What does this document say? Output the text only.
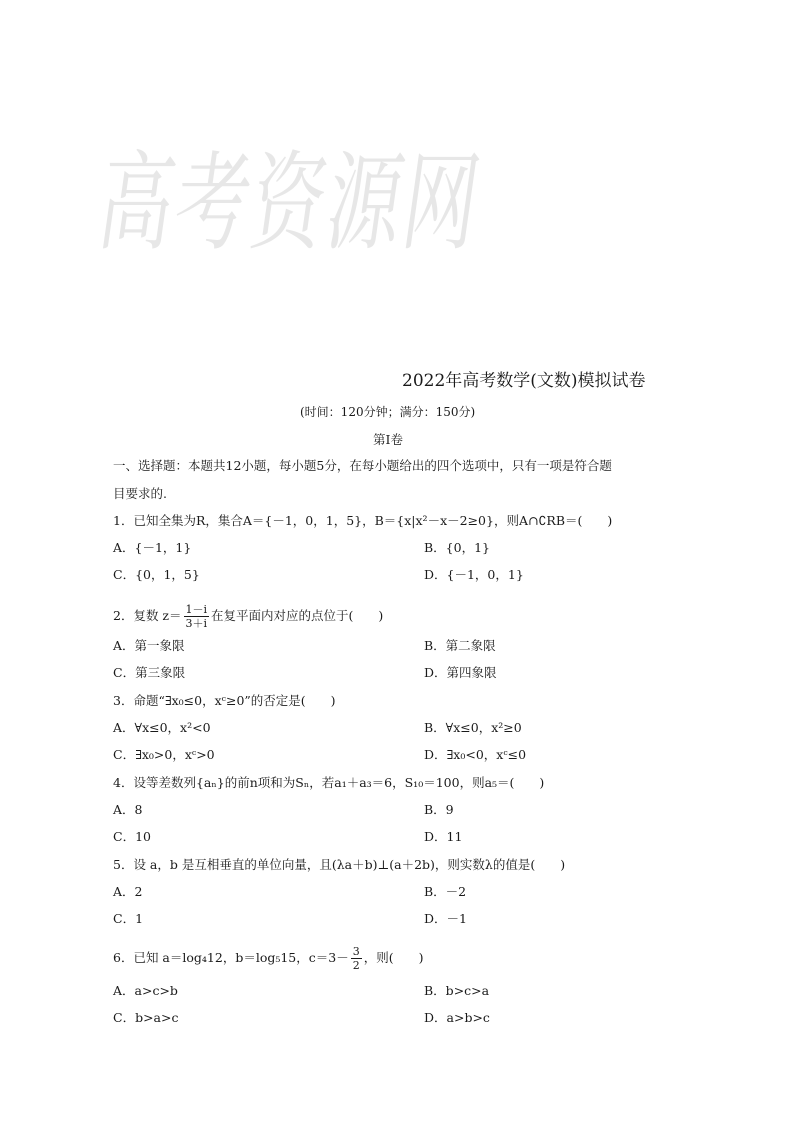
高考资源网
2022年高考数学(文数)模拟试卷
(时间：120分钟；满分：150分)
第Ⅰ卷
一、选择题：本题共12小题，每小题5分，在每小题给出的四个选项中，只有一项是符合题
目要求的.
1．已知全集为R，集合A＝{－1，0，1，5}，B＝{x|x²－x－2≥0}，则A∩∁RB＝(　　)
A．{－1，1}	B．{0，1}
C．{0，1，5}	D．{－1，0，1}
2．复数 $z= \frac{1-i}{3+i}$ 在复平面内对应的点位于(　　)
A．第一象限	B．第二象限
C．第三象限	D．第四象限
3．命题“∃x₀≤0，xᶜ≥0”的否定是(　　)
A．∀x≤0，x²<0	B．∀x≤0，x²≥0
C．∃x₀>0，xᶜ>0	D．∃x₀<0，xᶜ≤0
4．设等差数列{aₙ}的前n项和为Sₙ，若a₁＋a₃＝6，S₁₀＝100，则a₅＝(　　)
A．8	B．9
C．10	D．11
5．设 a，b 是互相垂直的单位向量，且(λa＋b)⊥(a＋2b)，则实数λ的值是(　　)
A．2	B．－2
C．1	D．－1
6．已知 a＝log₄12，b＝log₅15，$c=3- \frac{3}{2}$ ，则(　　)
A．a>c>b	B．b>c>a
C．b>a>c	D．a>b>c
